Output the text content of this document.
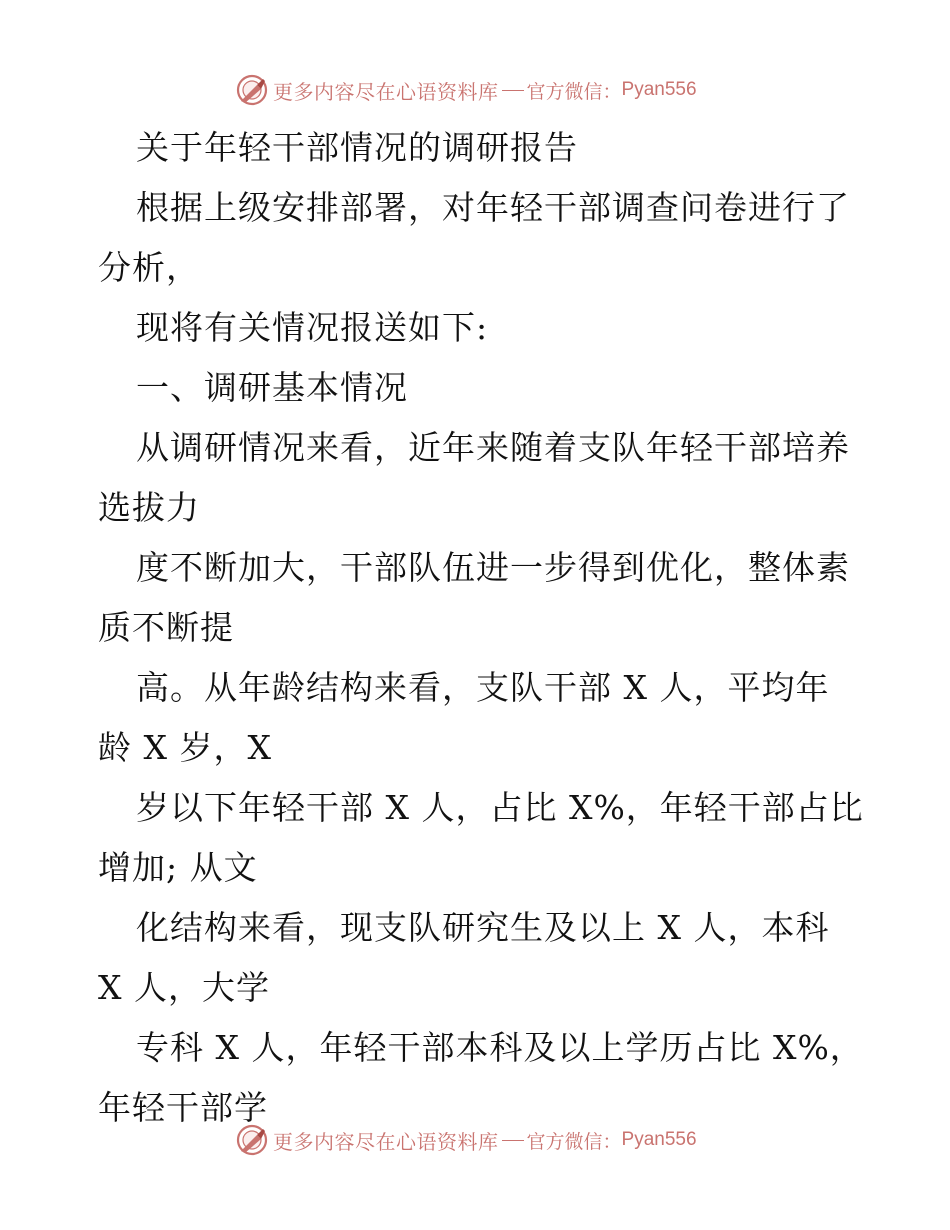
更多内容尽在心语资料库 官方微信： Pyan556
关于年轻干部情况的调研报告
根据上级安排部署，对年轻干部调查问卷进行了
分析，
现将有关情况报送如下:
一、调研基本情况
从调研情况来看，近年来随着支队年轻干部培养
选拔力
度不断加大，干部队伍进一步得到优化，整体素
质不断提
高。从年龄结构来看，支队干部 X 人，平均年
龄 X 岁，X
岁以下年轻干部 X 人，占比 X%，年轻干部占比
增加; 从文
化结构来看，现支队研究生及以上 X 人，本科
X 人，大学
专科 X 人，年轻干部本科及以上学历占比 X%，
年轻干部学
更多内容尽在心语资料库 官方微信： Pyan556
